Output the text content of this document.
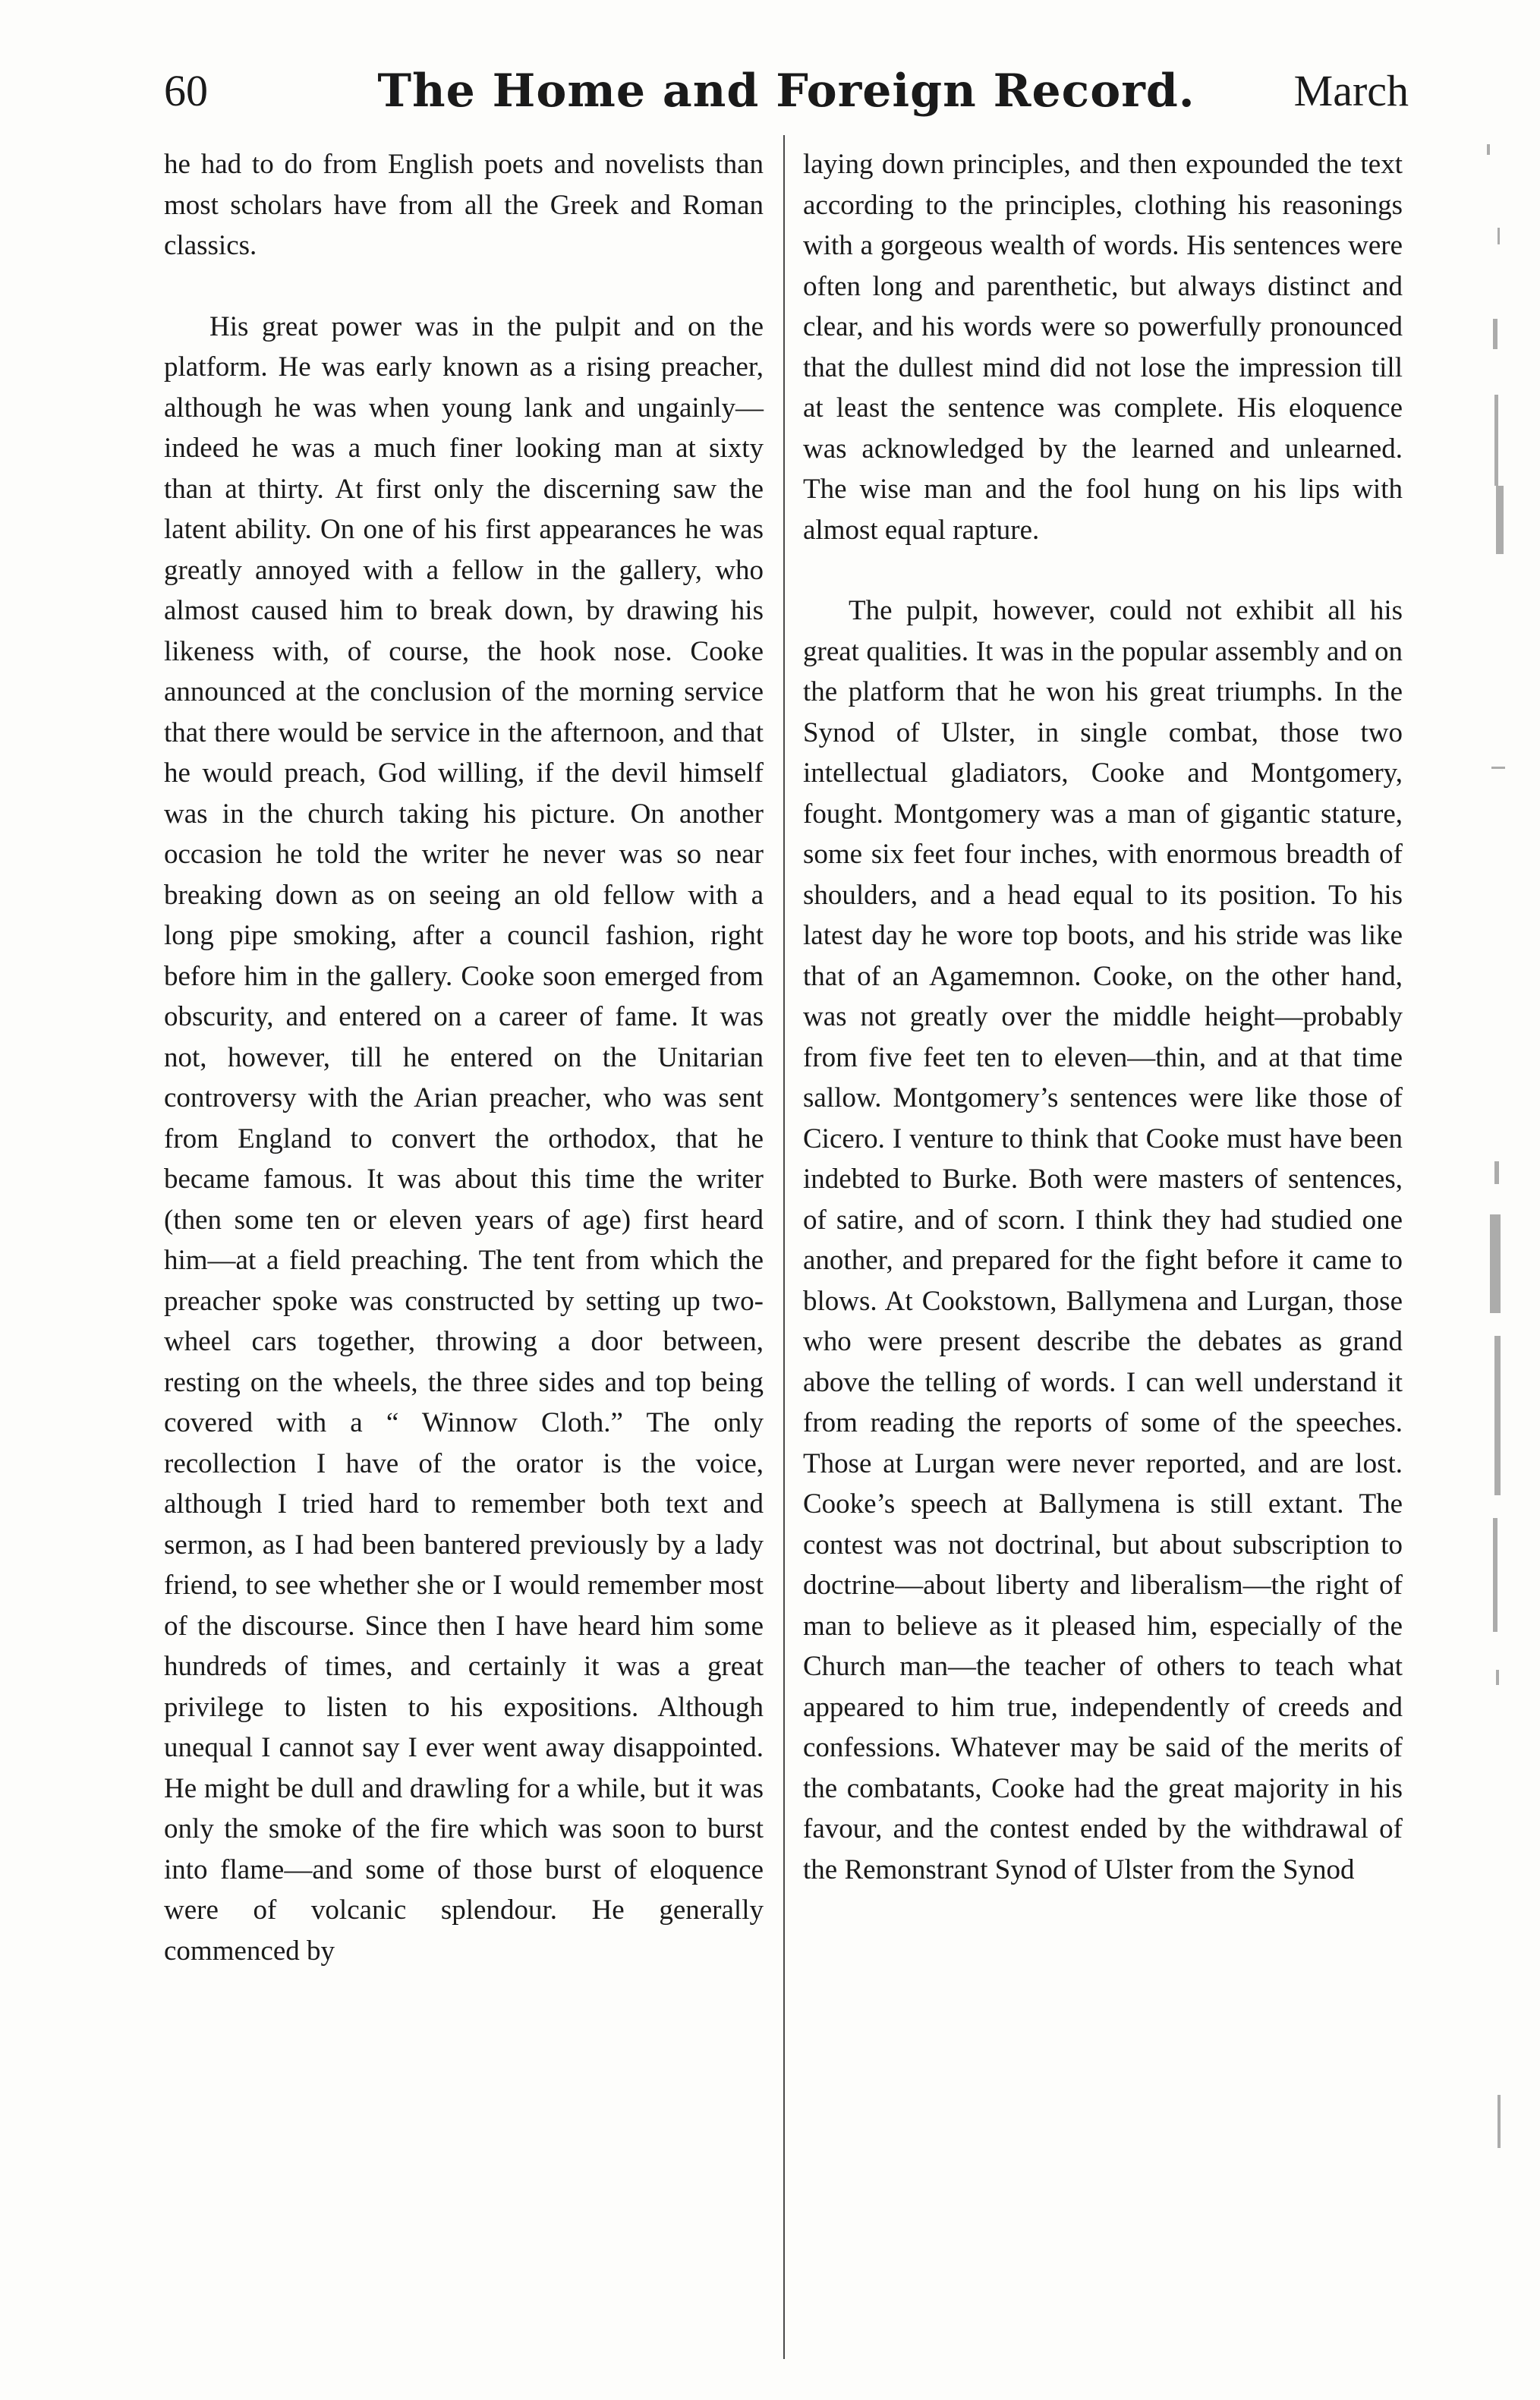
60	The Home and Foreign Record.	March

he had to do from English poets and novelists than most scholars have from all the Greek and Roman classics.

His great power was in the pulpit and on the platform. He was early known as a rising preacher, although he was when young lank and ungainly—indeed he was a much finer looking man at sixty than at thirty. At first only the discerning saw the latent ability. On one of his first appearances he was greatly annoyed with a fellow in the gallery, who almost caused him to break down, by drawing his likeness with, of course, the hook nose. Cooke announced at the conclusion of the morning service that there would be service in the afternoon, and that he would preach, God willing, if the devil himself was in the church taking his picture. On another occasion he told the writer he never was so near breaking down as on seeing an old fellow with a long pipe smoking, after a council fashion, right before him in the gallery. Cooke soon emerged from obscurity, and entered on a career of fame. It was not, however, till he entered on the Unitarian controversy with the Arian preacher, who was sent from England to convert the orthodox, that he became famous. It was about this time the writer (then some ten or eleven years of age) first heard him—at a field preaching. The tent from which the preacher spoke was constructed by setting up two-wheel cars together, throwing a door between, resting on the wheels, the three sides and top being covered with a “ Winnow Cloth.” The only recollection I have of the orator is the voice, although I tried hard to remember both text and sermon, as I had been bantered previously by a lady friend, to see whether she or I would remember most of the discourse. Since then I have heard him some hundreds of times, and certainly it was a great privilege to listen to his expositions. Although unequal I cannot say I ever went away disappointed. He might be dull and drawling for a while, but it was only the smoke of the fire which was soon to burst into flame—and some of those burst of eloquence were of volcanic splendour. He generally commenced by

laying down principles, and then expounded the text according to the principles, clothing his reasonings with a gorgeous wealth of words. His sentences were often long and parenthetic, but always distinct and clear, and his words were so powerfully pronounced that the dullest mind did not lose the impression till at least the sentence was complete. His eloquence was acknowledged by the learned and unlearned. The wise man and the fool hung on his lips with almost equal rapture.

The pulpit, however, could not exhibit all his great qualities. It was in the popular assembly and on the platform that he won his great triumphs. In the Synod of Ulster, in single combat, those two intellectual gladiators, Cooke and Montgomery, fought. Montgomery was a man of gigantic stature, some six feet four inches, with enormous breadth of shoulders, and a head equal to its position. To his latest day he wore top boots, and his stride was like that of an Agamemnon. Cooke, on the other hand, was not greatly over the middle height—probably from five feet ten to eleven—thin, and at that time sallow. Montgomery’s sentences were like those of Cicero. I venture to think that Cooke must have been indebted to Burke. Both were masters of sentences, of satire, and of scorn. I think they had studied one another, and prepared for the fight before it came to blows. At Cookstown, Ballymena and Lurgan, those who were present describe the debates as grand above the telling of words. I can well understand it from reading the reports of some of the speeches. Those at Lurgan were never reported, and are lost. Cooke’s speech at Ballymena is still extant. The contest was not doctrinal, but about subscription to doctrine—about liberty and liberalism—the right of man to believe as it pleased him, especially of the Church man—the teacher of others to teach what appeared to him true, independently of creeds and confessions. Whatever may be said of the merits of the combatants, Cooke had the great majority in his favour, and the contest ended by the withdrawal of the Remonstrant Synod of Ulster from the Synod
